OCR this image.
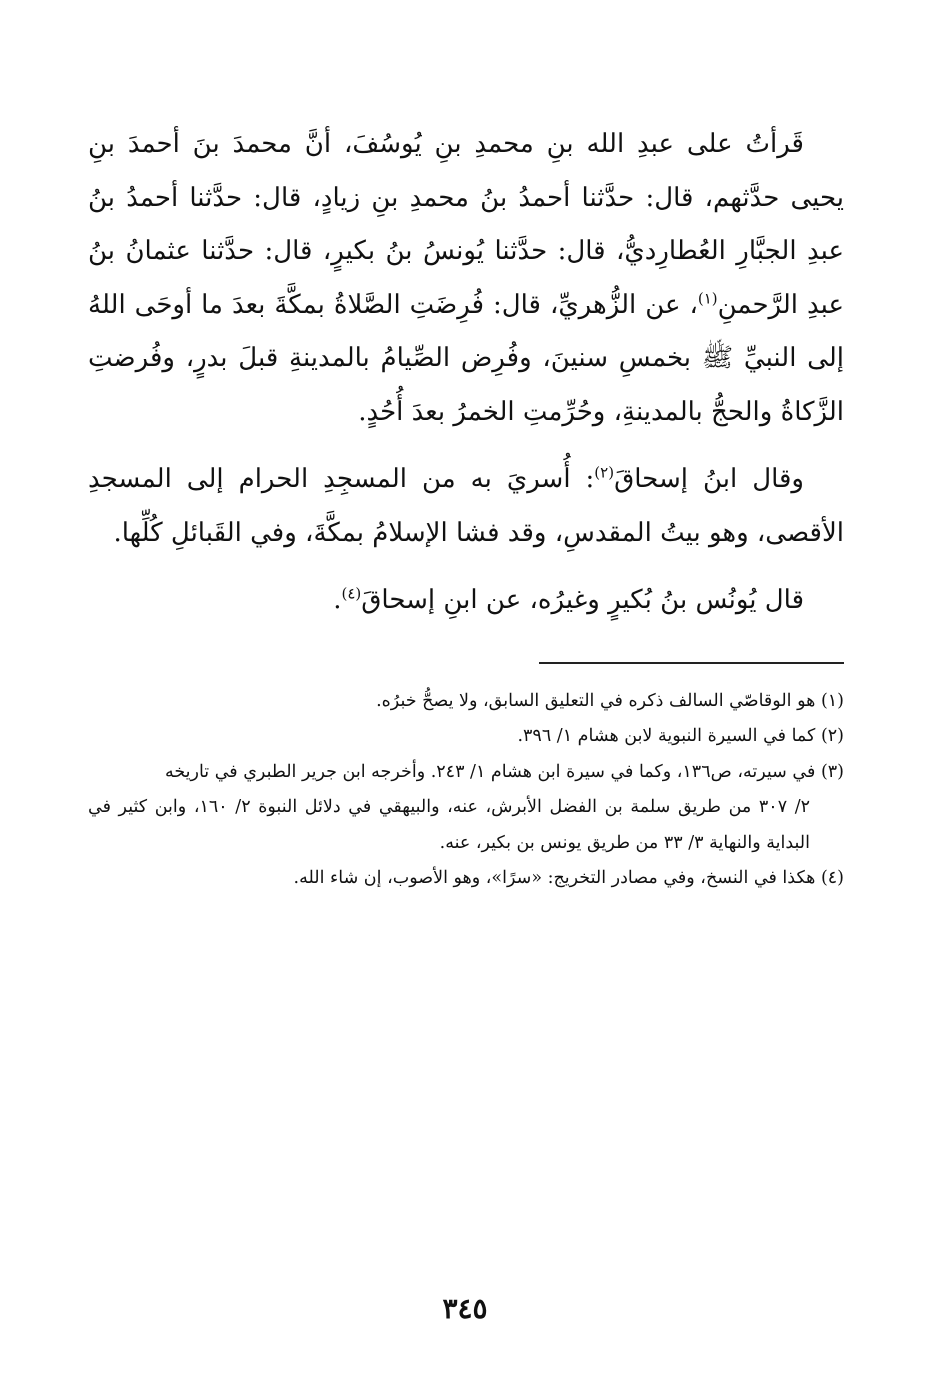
قَرأتُ على عبدِ الله بنِ محمدِ بنِ يُوسُفَ، أنَّ محمدَ بنَ أحمدَ بنِ يحيى حدَّثهم، قال: حدَّثنا أحمدُ بنُ محمدِ بنِ زيادٍ، قال: حدَّثنا أحمدُ بنُ عبدِ الجبَّارِ العُطارِديُّ، قال: حدَّثنا يُونسُ بنُ بكيرٍ، قال: حدَّثنا عثمانُ بنُ عبدِ الرَّحمنِ$^{(١)}$، عن الزُّهريِّ، قال: فُرِضَتِ الصَّلاةُ بمكَّةَ بعدَ ما أوحَى اللهُ إلى النبيِّ ﷺ بخمسِ سنينَ، وفُرِض الصِّيامُ بالمدينةِ قبلَ بدرٍ، وفُرضتِ الزَّكاةُ والحجُّ بالمدينةِ، وحُرِّمتِ الخمرُ بعدَ أُحُدٍ.

وقال ابنُ إسحاقَ$^{(٢)}$: أُسريَ به من المسجِدِ الحرام إلى المسجدِ الأقصى، وهو بيتُ المقدسِ، وقد فشا الإسلامُ بمكَّةَ، وفي القَبائلِ كُلِّها.

قال يُونُس بنُ بُكيرٍ وغيرُه، عن ابنِ إسحاقَ$^{(٤)}$.

(١) هو الوقاصّي السالف ذكره في التعليق السابق، ولا يصحُّ خبرُه.

(٢) كما في السيرة النبوية لابن هشام ١/ ٣٩٦.

(٣) في سيرته، ص١٣٦، وكما في سيرة ابن هشام ١/ ٢٤٣. وأخرجه ابن جرير الطبري في تاريخه
٢/ ٣٠٧ من طريق سلمة بن الفضل الأبرش، عنه، والبيهقي في دلائل النبوة ٢/ ١٦٠، وابن كثير في البداية والنهاية ٣/ ٣٣ من طريق يونس بن بكير، عنه.

(٤) هكذا في النسخ، وفي مصادر التخريج: «سرًا»، وهو الأصوب، إن شاء الله.

٣٤٥
